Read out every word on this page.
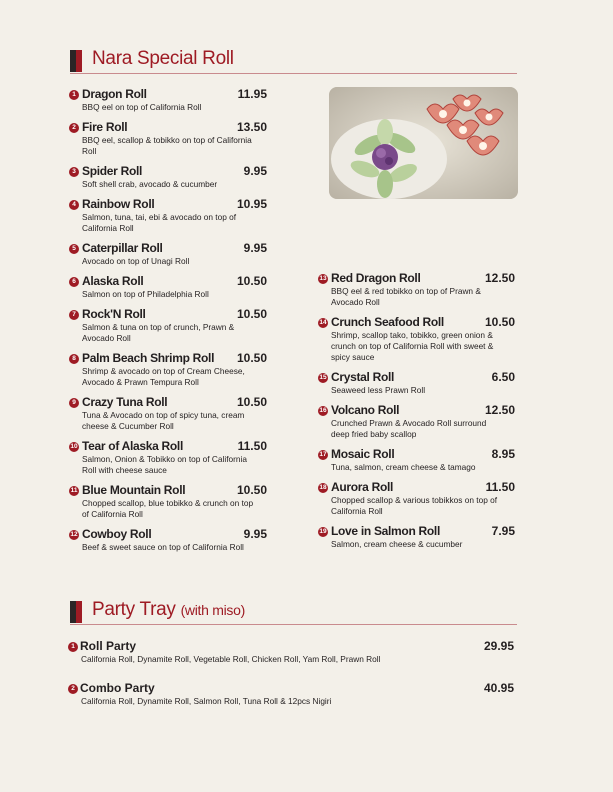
Nara Special Roll
1 Dragon Roll	11.95
BBQ eel on top of California Roll
2 Fire Roll	13.50
BBQ eel, scallop & tobikko on top of California Roll
3 Spider Roll	9.95
Soft shell crab, avocado & cucumber
4 Rainbow Roll	10.95
Salmon, tuna, tai, ebi & avocado on top of California Roll
5 Caterpillar Roll	9.95
Avocado on top of Unagi Roll
6 Alaska Roll	10.50
Salmon on top of Philadelphia Roll
7 Rock'N Roll	10.50
Salmon & tuna on top of crunch, Prawn & Avocado Roll
8 Palm Beach Shrimp Roll 10.50
Shrimp & avocado on top of Cream Cheese, Avocado & Prawn Tempura Roll
9 Crazy Tuna Roll	10.50
Tuna & Avocado on top of spicy tuna, cream cheese & Cucumber Roll
10 Tear of Alaska Roll	11.50
Salmon, Onion & Tobikko on top of California Roll with cheese sauce
11 Blue Mountain Roll	10.50
Chopped scallop, blue tobikko & crunch on top of California Roll
12 Cowboy Roll	9.95
Beef & sweet sauce on top of California Roll
13 Red Dragon Roll	12.50
BBQ eel & red tobikko on top of Prawn & Avocado Roll
14 Crunch Seafood Roll	10.50
Shrimp, scallop tako, tobikko, green onion & crunch on top of California Roll with sweet & spicy sauce
15 Crystal Roll	6.50
Seaweed less Prawn Roll
16 Volcano Roll	12.50
Crunched Prawn & Avocado Roll surround deep fried baby scallop
17 Mosaic Roll	8.95
Tuna, salmon, cream cheese & tamago
18 Aurora Roll	11.50
Chopped scallop & various tobikkos on top of California Roll
19 Love in Salmon Roll	7.95
Salmon, cream cheese & cucumber
Party Tray (with miso)
1 Roll Party	29.95
California Roll, Dynamite Roll, Vegetable Roll, Chicken Roll, Yam Roll, Prawn Roll
2 Combo Party	40.95
California Roll, Dynamite Roll, Salmon Roll, Tuna Roll & 12pcs Nigiri
